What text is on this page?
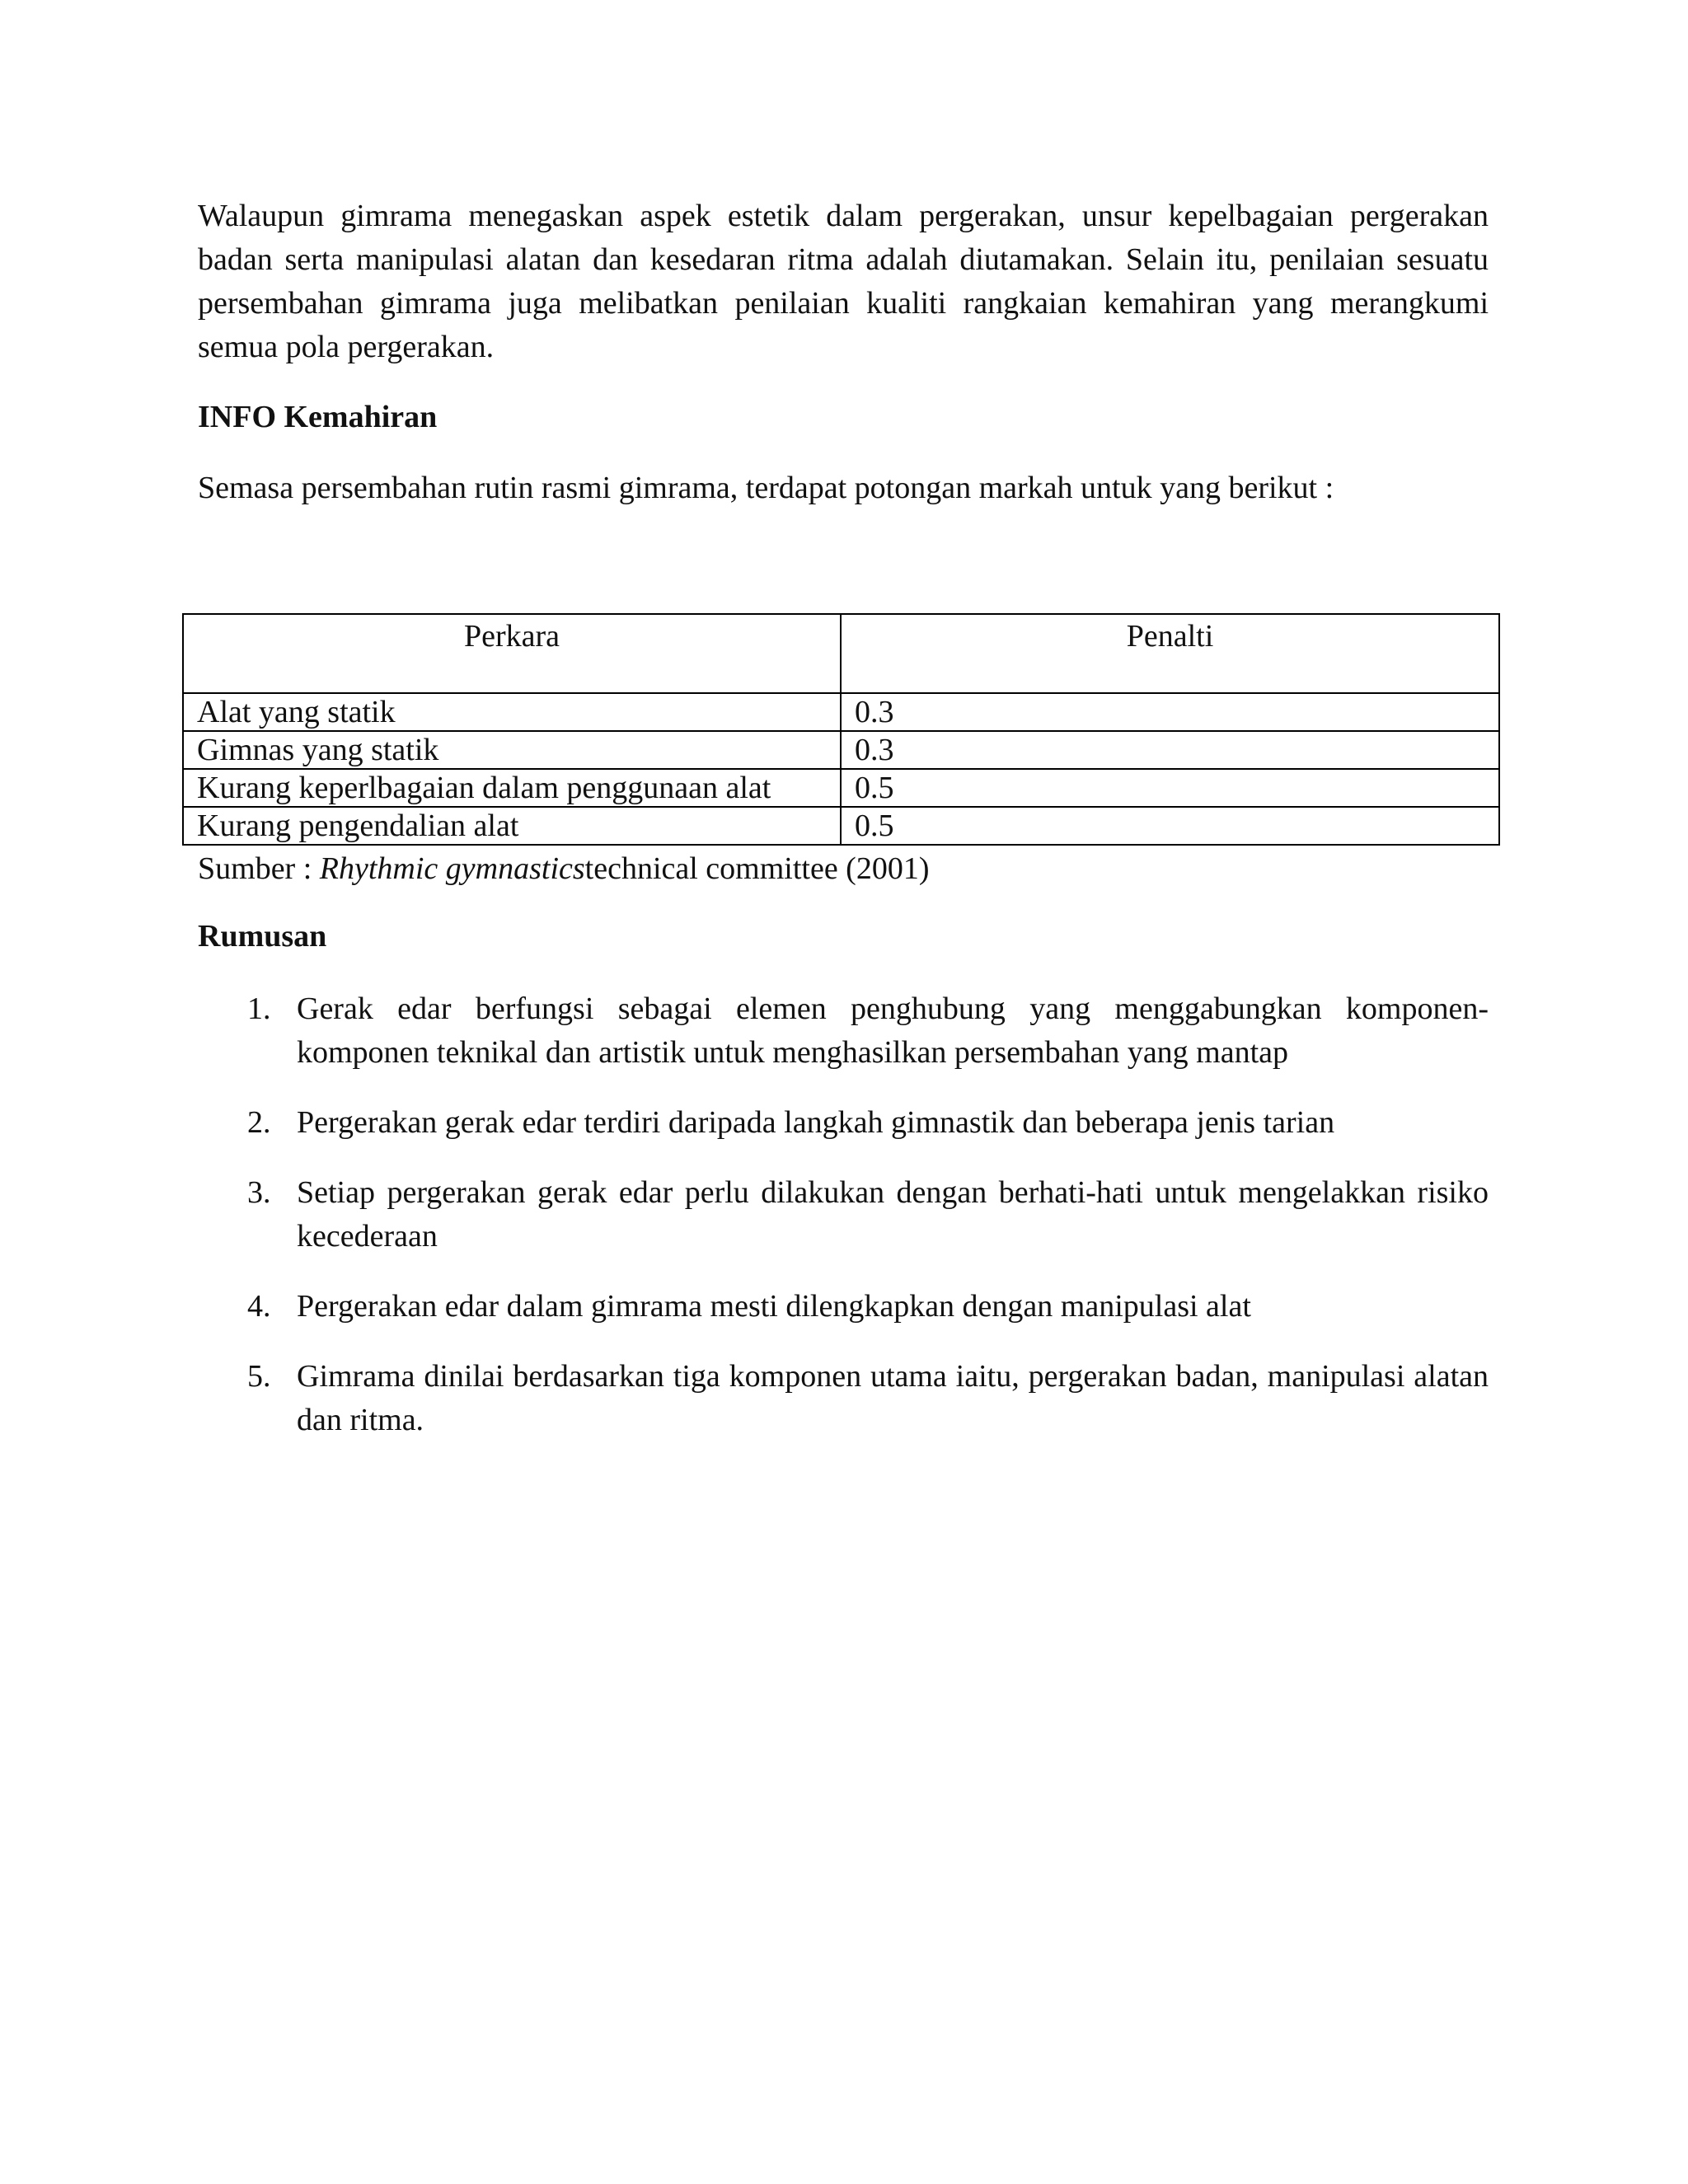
Walaupun gimrama menegaskan aspek estetik dalam pergerakan, unsur kepelbagaian pergerakan badan serta manipulasi alatan dan kesedaran ritma adalah diutamakan. Selain itu, penilaian sesuatu persembahan gimrama juga melibatkan penilaian kualiti rangkaian kemahiran yang merangkumi semua pola pergerakan.

INFO Kemahiran

Semasa persembahan rutin rasmi gimrama, terdapat potongan markah untuk yang berikut :

Perkara	Penalti
Alat yang statik	0.3
Gimnas yang statik	0.3
Kurang keperlbagaian dalam penggunaan alat	0.5
Kurang pengendalian alat	0.5

Sumber : Rhythmic gymnasticstechnical committee (2001)

Rumusan

1. Gerak edar berfungsi sebagai elemen penghubung yang menggabungkan komponen-komponen teknikal dan artistik untuk menghasilkan persembahan yang mantap
2. Pergerakan gerak edar terdiri daripada langkah gimnastik dan beberapa jenis tarian
3. Setiap pergerakan gerak edar perlu dilakukan dengan berhati-hati untuk mengelakkan risiko kecederaan
4. Pergerakan edar dalam gimrama mesti dilengkapkan dengan manipulasi alat
5. Gimrama dinilai berdasarkan tiga komponen utama iaitu, pergerakan badan, manipulasi alatan dan ritma.
